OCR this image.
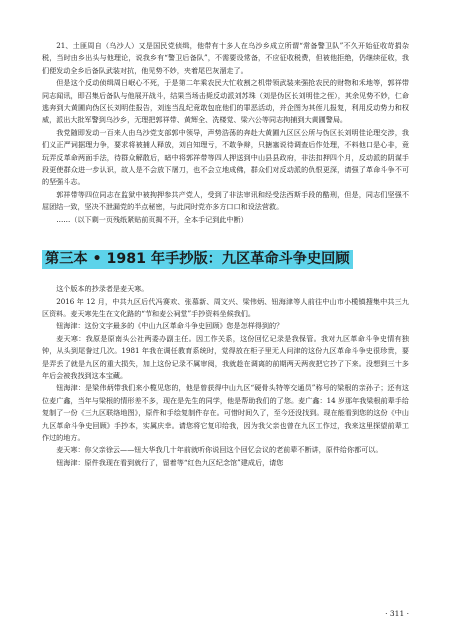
21、土匪周自（乌沙人）又是国民党侦缉，他带有十多人在乌沙乡成立所谓“常备警卫队”不久开始征收苛捐杂税，当时由乡出头与他理论，说我乡有“警卫后备队”，不需要设常备，不应征收税费，但被他拒绝，仍继续征收，我们便发动全乡后备队武装对抗，他见势不妙，夹着尾巴灰溜走了。

但是这个反动侦缉周日岷心不死，于是第二年乘农民大忙收割之机带领武装来强抢农民的财物和禾地等，郭祥带同志闻讯，即召集后备队与他展开战斗，结果当场击毙反动派刘苏珠（刘是伪区长刘明佳之侄），其余见势不妙，仁命逃奔到大黄圃向伪区长刘明佳报告，刘连当乱纪竟敢包庇他们的罪恶活动，并企图为其侄儿报复，利用反动势力和权威，派出大批军警到乌沙乡，无理把郭祥带、黄辉全、冼楼觉、梁六公等同志拘捕到大黄圃警局。

我党随即发动一百来人由乌沙党支部郭中领导，声势浩荡的奔赴大黄圃九区区公所与伪区长刘明佳论理交涉，我们义正严词据理力争，要求将被捕人释放，刘自知理亏，不敢争辩，只搪塞说待调查后作处理，不料他口是心非，竟玩弄反革命两面手法，待群众解散后，暗中将郭祥带等四人押送到中山县县政府，非法扣押四个月，反动派的阴谋手段更使群众进一步认识，故人是不会放下屠刀，也不会立地成佛，群众们对反动派的仇恨更深，请强了革命斗争不可的坚强斗志。

郭祥带等四位同志在监狱中被拘押参共产党人，受到了非法审讯和经受法西斯手段的酷刑，但是，同志们坚强不屈团结一致，坚决不泄漏党的半点秘密，与此同时党亦多方口口和设法营救。

……（以下剩一页残纸紧贴前页揭不开，全本手记到此中断）

第三本 • 1981 年手抄版：九区革命斗争史回顾

这个版本的抄录者是麦天寒。

2016 年 12 月，中共九区后代冯赛欢、张慕新、周文兴、梁伟炳、钮海津等人前往中山市小榄镇搜集中共三九区资料。麦天寒先生在文化路的“节和麦公祠堂”手抄资料坐候我们。

钮海津：这份文字最多的《中山九区革命斗争史回顾》您是怎样得到的？

麦天寒：我原是原南头公社两委办副主任。因工作关系，这份回忆记录是我保管。我对九区革命斗争史情有独钟，从头到尾誊过几次。1981 年我在调任教育系统时，觉得放在柜子里无人问津的这份九区革命斗争史很珍贵，要是弄丢了就是九区的重大损失，加上这份记录不属审阅，我就趁在调离的前期两天两夜把它抄了下来。没想到三十多年后会被我找到这本宝藏。

钮海津：是梁伟炳带我们来小榄见您的，他是曾获得中山九区“硬骨头特等交通员”称号的梁根的亲孙子；还有这位麦广鑫，当年与梁根的情形差不多，现在是先生的同学，他是帮助我们的了您。麦广鑫：14 岁那年我梁根前辈手给复制了一份《三九区联络地图》，原件和手绘复制件存在。可惜时间久了，至今还没找到。现在能看到您的这份《中山九区革命斗争史回顾》手抄本，实属庆幸。请您将它复印给我，因为我父亲也曾在九区工作过，我来这里探望前辈工作过的地方。

麦天寒：你父亲徐云——钮大华我几十年前就听你说回这个回忆会议的老前辈不断讲，原件给你都可以。

钮海津：原件我现在看到就行了，留着等“红色九区纪念馆”建成后，请您

· 311 ·
